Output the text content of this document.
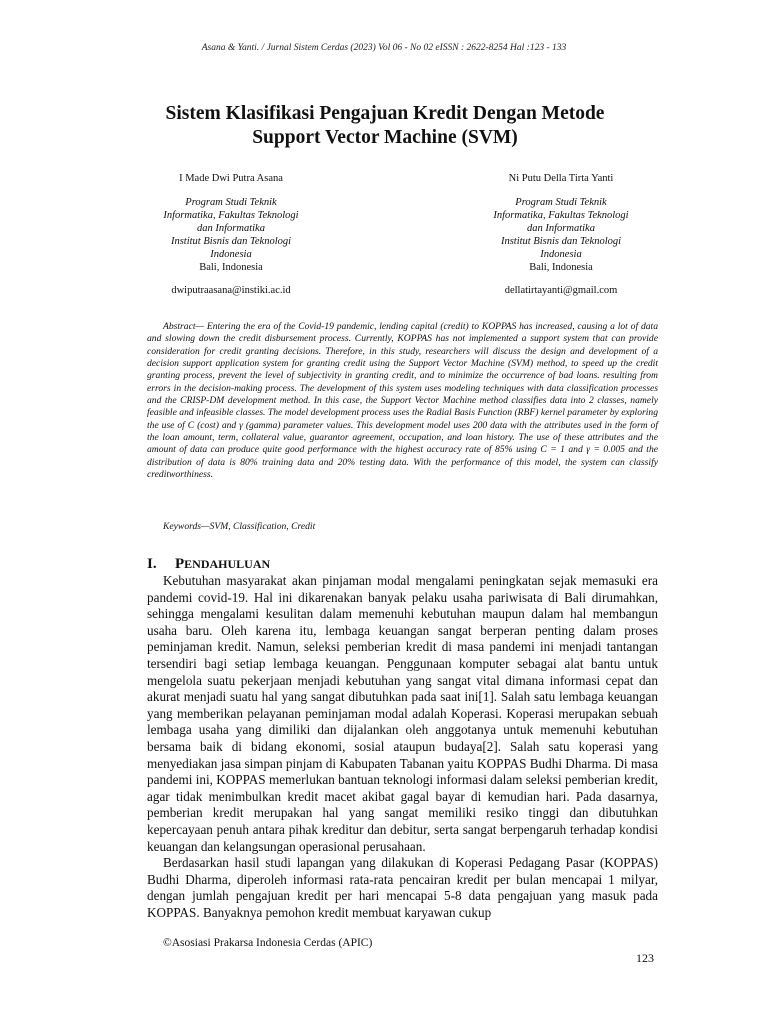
Asana & Yanti. / Jurnal Sistem Cerdas (2023) Vol 06 - No 02 eISSN : 2622-8254 Hal :123 - 133
Sistem Klasifikasi Pengajuan Kredit Dengan Metode
Support Vector Machine (SVM)
I Made Dwi Putra Asana
Program Studi Teknik
Informatika, Fakultas Teknologi
dan Informatika
Institut Bisnis dan Teknologi
Indonesia
Bali, Indonesia
dwiputraasana@instiki.ac.id
Ni Putu Della Tirta Yanti
Program Studi Teknik
Informatika, Fakultas Teknologi
dan Informatika
Institut Bisnis dan Teknologi
Indonesia
Bali, Indonesia
dellatirtayanti@gmail.com
Abstract— Entering the era of the Covid-19 pandemic, lending capital (credit) to KOPPAS has increased, causing a lot of data and slowing down the credit disbursement process. Currently, KOPPAS has not implemented a support system that can provide consideration for credit granting decisions. Therefore, in this study, researchers will discuss the design and development of a decision support application system for granting credit using the Support Vector Machine (SVM) method, to speed up the credit granting process, prevent the level of subjectivity in granting credit, and to minimize the occurrence of bad loans. resulting from errors in the decision-making process. The development of this system uses modeling techniques with data classification processes and the CRISP-DM development method. In this case, the Support Vector Machine method classifies data into 2 classes, namely feasible and infeasible classes. The model development process uses the Radial Basis Function (RBF) kernel parameter by exploring the use of C (cost) and γ (gamma) parameter values. This development model uses 200 data with the attributes used in the form of the loan amount, term, collateral value, guarantor agreement, occupation, and loan history. The use of these attributes and the amount of data can produce quite good performance with the highest accuracy rate of 85% using C = 1 and γ = 0.005 and the distribution of data is 80% training data and 20% testing data. With the performance of this model, the system can classify creditworthiness.
Keywords—SVM, Classification, Credit
I. PENDAHULUAN

Kebutuhan masyarakat akan pinjaman modal mengalami peningkatan sejak memasuki era pandemi covid-19. Hal ini dikarenakan banyak pelaku usaha pariwisata di Bali dirumahkan, sehingga mengalami kesulitan dalam memenuhi kebutuhan maupun dalam hal membangun usaha baru. Oleh karena itu, lembaga keuangan sangat berperan penting dalam proses peminjaman kredit. Namun, seleksi pemberian kredit di masa pandemi ini menjadi tantangan tersendiri bagi setiap lembaga keuangan. Penggunaan komputer sebagai alat bantu untuk mengelola suatu pekerjaan menjadi kebutuhan yang sangat vital dimana informasi cepat dan akurat menjadi suatu hal yang sangat dibutuhkan pada saat ini[1]. Salah satu lembaga keuangan yang memberikan pelayanan peminjaman modal adalah Koperasi. Koperasi merupakan sebuah lembaga usaha yang dimiliki dan dijalankan oleh anggotanya untuk memenuhi kebutuhan bersama baik di bidang ekonomi, sosial ataupun budaya[2]. Salah satu koperasi yang menyediakan jasa simpan pinjam di Kabupaten Tabanan yaitu KOPPAS Budhi Dharma. Di masa pandemi ini, KOPPAS memerlukan bantuan teknologi informasi dalam seleksi pemberian kredit, agar tidak menimbulkan kredit macet akibat gagal bayar di kemudian hari. Pada dasarnya, pemberian kredit merupakan hal yang sangat memiliki resiko tinggi dan dibutuhkan kepercayaan penuh antara pihak kreditur dan debitur, serta sangat berpengaruh terhadap kondisi keuangan dan kelangsungan operasional perusahaan.

Berdasarkan hasil studi lapangan yang dilakukan di Koperasi Pedagang Pasar (KOPPAS) Budhi Dharma, diperoleh informasi rata-rata pencairan kredit per bulan mencapai 1 milyar, dengan jumlah pengajuan kredit per hari mencapai 5-8 data pengajuan yang masuk pada KOPPAS. Banyaknya pemohon kredit membuat karyawan cukup

©Asosiasi Prakarsa Indonesia Cerdas (APIC)
123
